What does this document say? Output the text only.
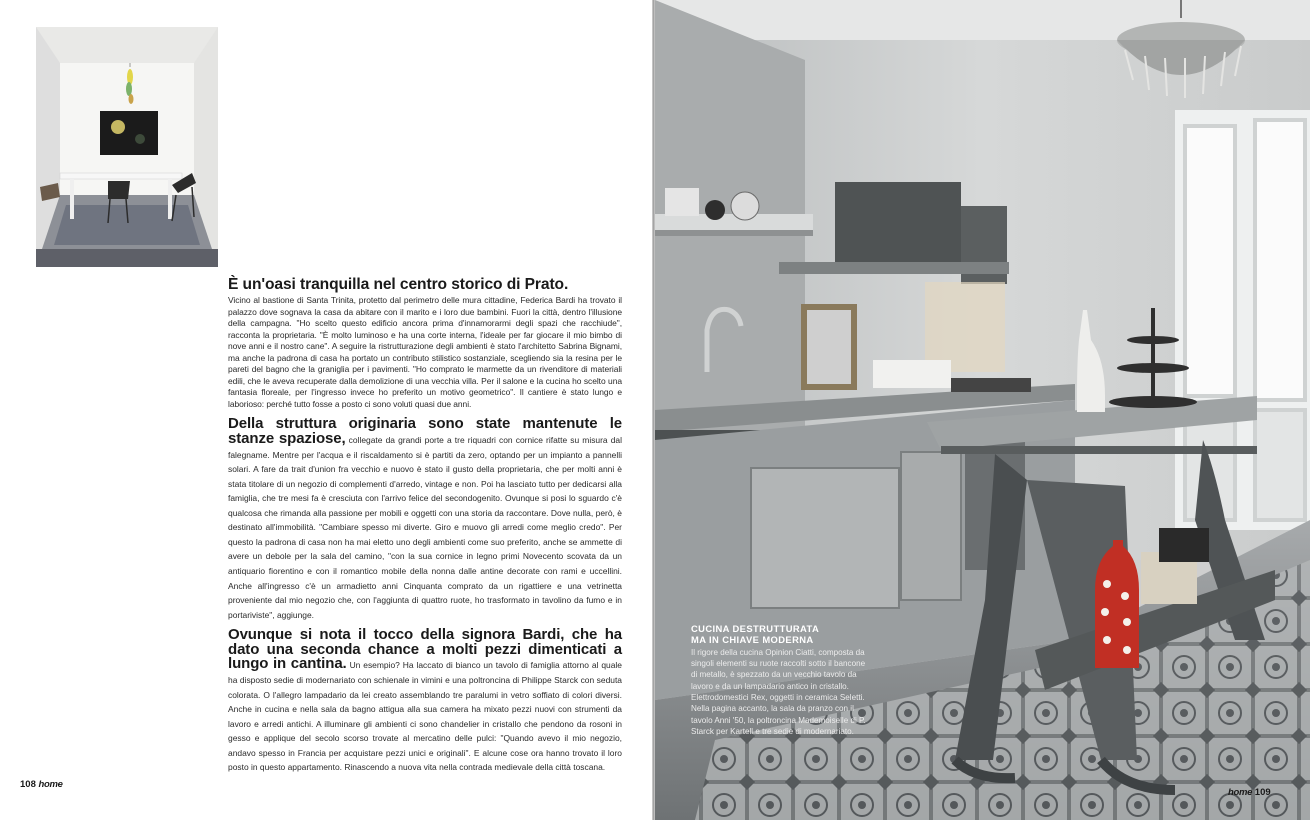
È un'oasi tranquilla nel centro storico di Prato.

Vicino al bastione di Santa Trinita, protetto dal perimetro delle mura cittadine, Federica Bardi ha trovato il palazzo dove sognava la casa da abitare con il marito e i loro due bambini. Fuori la città, dentro l'illusione della campagna. "Ho scelto questo edificio ancora prima d'innamorarmi degli spazi che racchiude", racconta la proprietaria. "È molto luminoso e ha una corte interna, l'ideale per far giocare il mio bimbo di nove anni e il nostro cane". A seguire la ristrutturazione degli ambienti è stato l'architetto Sabrina Bignami, ma anche la padrona di casa ha portato un contributo stilistico sostanziale, scegliendo sia la resina per le pareti del bagno che la graniglia per i pavimenti. "Ho comprato le marmette da un rivenditore di materiali edili, che le aveva recuperate dalla demolizione di una vecchia villa. Per il salone e la cucina ho scelto una fantasia floreale, per l'ingresso invece ho preferito un motivo geometrico". Il cantiere è stato lungo e laborioso: perché tutto fosse a posto ci sono voluti quasi due anni.

Della struttura originaria sono state mantenute le stanze spaziose, collegate da grandi porte a tre riquadri con cornice rifatte su misura dal falegname. Mentre per l'acqua e il riscaldamento si è partiti da zero, optando per un impianto a pannelli solari. A fare da trait d'union fra vecchio e nuovo è stato il gusto della proprietaria, che per molti anni è stata titolare di un negozio di complementi d'arredo, vintage e non. Poi ha lasciato tutto per dedicarsi alla famiglia, che tre mesi fa è cresciuta con l'arrivo felice del secondogenito. Ovunque si posi lo sguardo c'è qualcosa che rimanda alla passione per mobili e oggetti con una storia da raccontare. Dove nulla, però, è destinato all'immobilità. "Cambiare spesso mi diverte. Giro e muovo gli arredi come meglio credo". Per questo la padrona di casa non ha mai eletto uno degli ambienti come suo preferito, anche se ammette di avere un debole per la sala del camino, "con la sua cornice in legno primi Novecento scovata da un antiquario fiorentino e con il romantico mobile della nonna dalle antine decorate con rami e uccellini. Anche all'ingresso c'è un armadietto anni Cinquanta comprato da un rigattiere e una vetrinetta proveniente dal mio negozio che, con l'aggiunta di quattro ruote, ho trasformato in tavolino da fumo e in portariviste", aggiunge.
Ovunque si nota il tocco della signora Bardi, che ha dato una seconda chance a molti pezzi dimenticati a lungo in cantina. Un esempio? Ha laccato di bianco un tavolo di famiglia attorno al quale ha disposto sedie di modernariato con schienale in vimini e una poltroncina di Philippe Starck con seduta colorata. O l'allegro lampadario da lei creato assemblando tre paralumi in vetro soffiato di colori diversi. Anche in cucina e nella sala da bagno attigua alla sua camera ha mixato pezzi nuovi con strumenti da lavoro e arredi antichi. A illuminare gli ambienti ci sono chandelier in cristallo che pendono da rosoni in gesso e applique del secolo scorso trovate al mercatino delle pulci: "Quando avevo il mio negozio, andavo spesso in Francia per acquistare pezzi unici e originali". E alcune cose ora hanno trovato il loro posto in questo appartamento. Rinascendo a nuova vita nella contrada medievale della città toscana.
108 home
CUCINA DESTRUTTURATA
MA IN CHIAVE MODERNA

Il rigore della cucina Opinion Ciatti, composta da singoli elementi su ruote raccolti sotto il bancone di metallo, è spezzato da un vecchio tavolo da lavoro e da un lampadario antico in cristallo. Elettrodomestici Rex, oggetti in ceramica Seletti. Nella pagina accanto, la sala da pranzo con il tavolo Anni '50, la poltroncina Mademoiselle di P. Starck per Kartell e tre sedie di modernariato.

home 109
